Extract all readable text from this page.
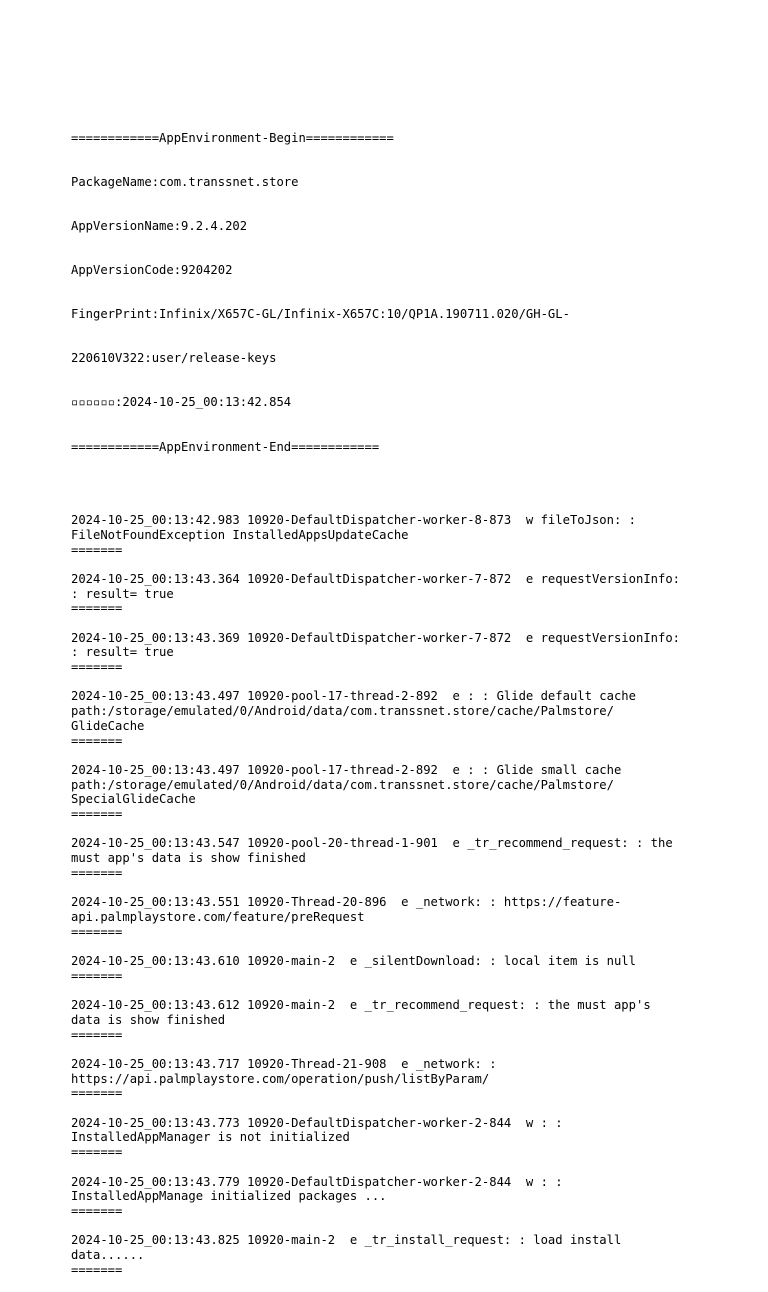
============AppEnvironment-Begin============

PackageName:com.transsnet.store

AppVersionName:9.2.4.202

AppVersionCode:9204202

FingerPrint:Infinix/X657C-GL/Infinix-X657C:10/QP1A.190711.020/GH-GL-

220610V322:user/release-keys

▫▫▫▫▫▫:2024-10-25_00:13:42.854

============AppEnvironment-End============

2024-10-25_00:13:42.983 10920-DefaultDispatcher-worker-8-873  w fileToJson: :
FileNotFoundException InstalledAppsUpdateCache
=======
2024-10-25_00:13:43.364 10920-DefaultDispatcher-worker-7-872  e requestVersionInfo:
: result= true
=======
2024-10-25_00:13:43.369 10920-DefaultDispatcher-worker-7-872  e requestVersionInfo:
: result= true
=======
2024-10-25_00:13:43.497 10920-pool-17-thread-2-892  e : : Glide default cache
path:/storage/emulated/0/Android/data/com.transsnet.store/cache/Palmstore/
GlideCache
=======
2024-10-25_00:13:43.497 10920-pool-17-thread-2-892  e : : Glide small cache
path:/storage/emulated/0/Android/data/com.transsnet.store/cache/Palmstore/
SpecialGlideCache
=======
2024-10-25_00:13:43.547 10920-pool-20-thread-1-901  e _tr_recommend_request: : the
must app's data is show finished
=======
2024-10-25_00:13:43.551 10920-Thread-20-896  e _network: : https://feature-
api.palmplaystore.com/feature/preRequest
=======
2024-10-25_00:13:43.610 10920-main-2  e _silentDownload: : local item is null
=======
2024-10-25_00:13:43.612 10920-main-2  e _tr_recommend_request: : the must app's
data is show finished
=======
2024-10-25_00:13:43.717 10920-Thread-21-908  e _network: :
https://api.palmplaystore.com/operation/push/listByParam/
=======
2024-10-25_00:13:43.773 10920-DefaultDispatcher-worker-2-844  w : :
InstalledAppManager is not initialized
=======
2024-10-25_00:13:43.779 10920-DefaultDispatcher-worker-2-844  w : :
InstalledAppManage initialized packages ...
=======
2024-10-25_00:13:43.825 10920-main-2  e _tr_install_request: : load install
data......
=======
